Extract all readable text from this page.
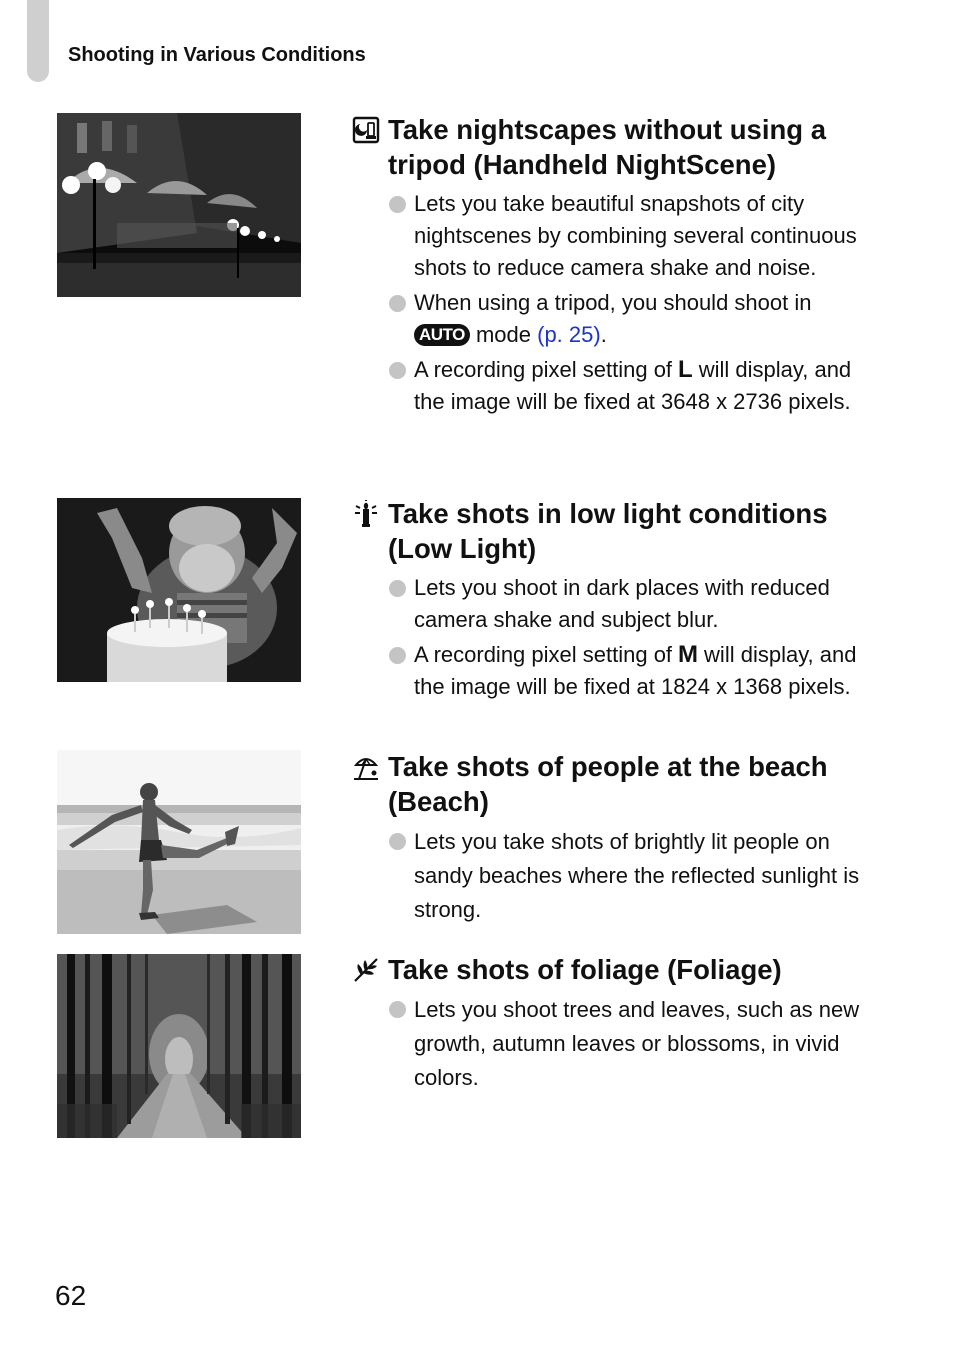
Shooting in Various Conditions
Take nightscapes without using a tripod (Handheld NightScene)
Lets you take beautiful snapshots of city nightscenes by combining several continuous shots to reduce camera shake and noise.
When using a tripod, you should shoot in
AUTO mode (p. 25).
A recording pixel setting of L will display, and the image will be fixed at 3648 x 2736 pixels.
Take shots in low light conditions (Low Light)
Lets you shoot in dark places with reduced camera shake and subject blur.
A recording pixel setting of M will display, and the image will be fixed at 1824 x 1368 pixels.
Take shots of people at the beach (Beach)
Lets you take shots of brightly lit people on sandy beaches where the reflected sunlight is strong.
Take shots of foliage (Foliage)
Lets you shoot trees and leaves, such as new growth, autumn leaves or blossoms, in vivid colors.
62
